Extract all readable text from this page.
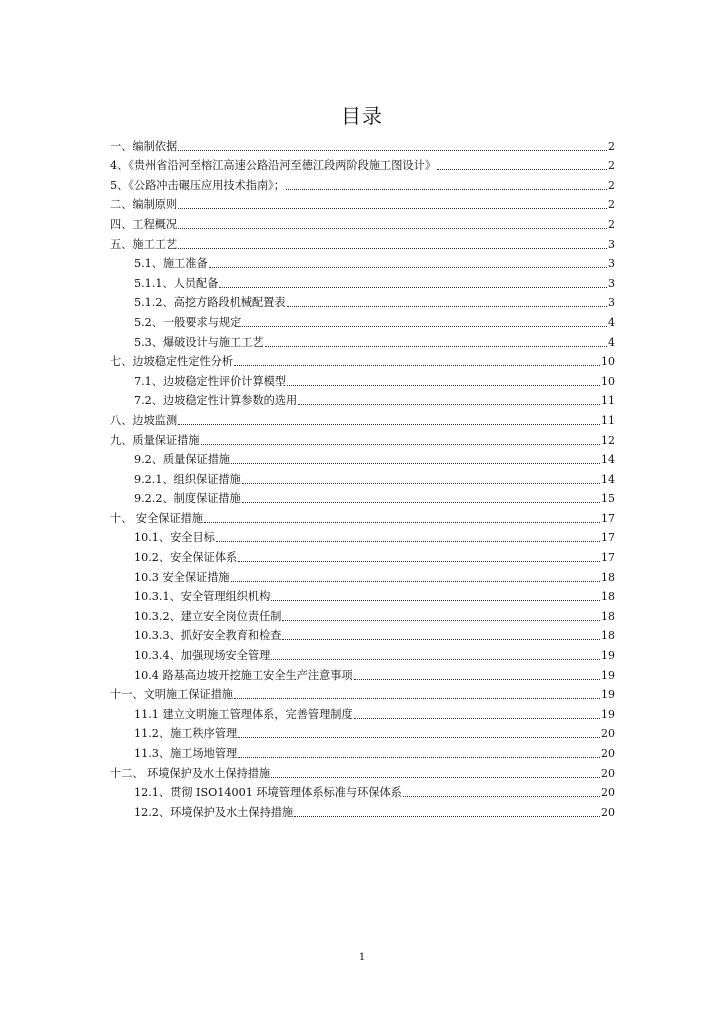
目录
一、编制依据	2
4、《贵州省沿河至榕江高速公路沿河至德江段两阶段施工图设计》	2
5、《公路冲击碾压应用技术指南》；	2
二、编制原则	2
四、工程概况	2
五、施工工艺	3
5.1、施工准备	3
5.1.1、人员配备	3
5.1.2、高挖方路段机械配置表	3
5.2、一般要求与规定	4
5.3、爆破设计与施工工艺	4
七、边坡稳定性定性分析	10
7.1、边坡稳定性评价计算模型	10
7.2、边坡稳定性计算参数的选用	11
八、边坡监测	11
九、质量保证措施	12
9.2、质量保证措施	14
9.2.1、组织保证措施	14
9.2.2、制度保证措施	15
十、 安全保证措施	17
10.1、安全目标	17
10.2、安全保证体系	17
10.3 安全保证措施	18
10.3.1、安全管理组织机构	18
10.3.2、建立安全岗位责任制	18
10.3.3、抓好安全教育和检查	18
10.3.4、加强现场安全管理	19
10.4 路基高边坡开挖施工安全生产注意事项	19
十一、文明施工保证措施	19
11.1 建立文明施工管理体系，完善管理制度	19
11.2、施工秩序管理	20
11.3、施工场地管理	20
十二、 环境保护及水土保持措施	20
12.1、贯彻 ISO14001 环境管理体系标准与环保体系	20
12.2、环境保护及水土保持措施	20
1
